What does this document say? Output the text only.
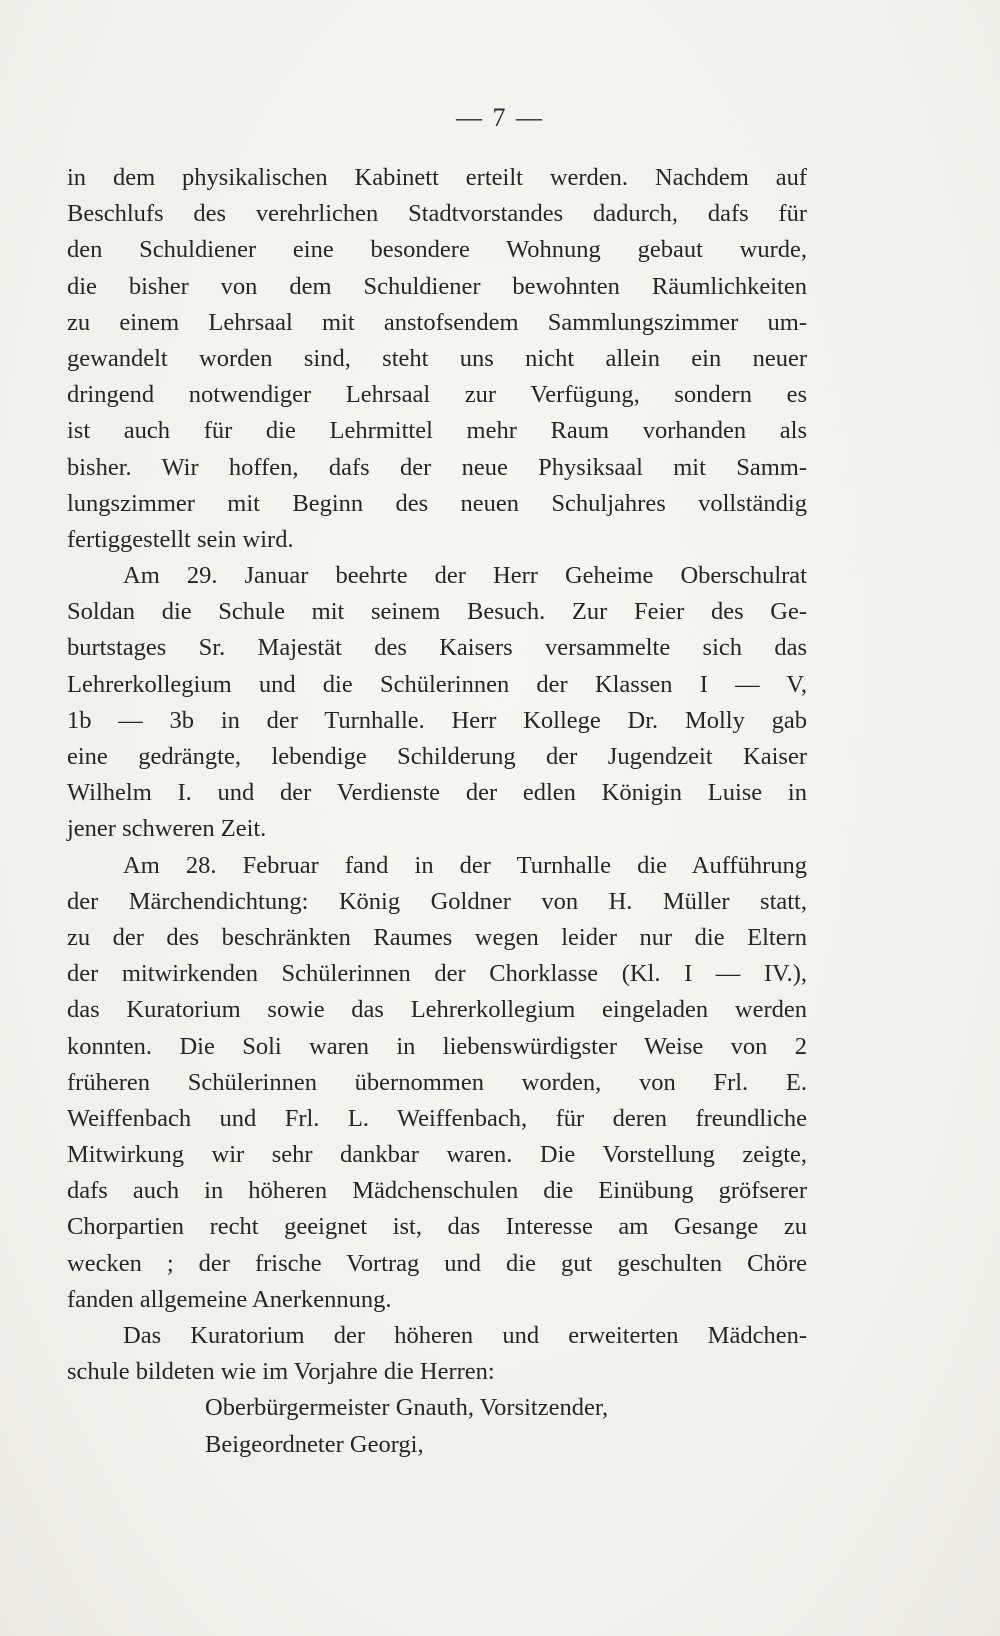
— 7 —
in dem physikalischen Kabinett erteilt werden. Nachdem auf
Beschlufs des verehrlichen Stadtvorstandes dadurch, dafs für
den Schuldiener eine besondere Wohnung gebaut wurde,
die bisher von dem Schuldiener bewohnten Räumlichkeiten
zu einem Lehrsaal mit anstofsendem Sammlungszimmer um-
gewandelt worden sind, steht uns nicht allein ein neuer
dringend notwendiger Lehrsaal zur Verfügung, sondern es
ist auch für die Lehrmittel mehr Raum vorhanden als
bisher. Wir hoffen, dafs der neue Physiksaal mit Samm-
lungszimmer mit Beginn des neuen Schuljahres vollständig
fertiggestellt sein wird.
Am 29. Januar beehrte der Herr Geheime Oberschulrat
Soldan die Schule mit seinem Besuch. Zur Feier des Ge-
burtstages Sr. Majestät des Kaisers versammelte sich das
Lehrerkollegium und die Schülerinnen der Klassen I — V,
1b — 3b in der Turnhalle. Herr Kollege Dr. Molly gab
eine gedrängte, lebendige Schilderung der Jugendzeit Kaiser
Wilhelm I. und der Verdienste der edlen Königin Luise in
jener schweren Zeit.
Am 28. Februar fand in der Turnhalle die Aufführung
der Märchendichtung: König Goldner von H. Müller statt,
zu der des beschränkten Raumes wegen leider nur die Eltern
der mitwirkenden Schülerinnen der Chorklasse (Kl. I — IV.),
das Kuratorium sowie das Lehrerkollegium eingeladen werden
konnten. Die Soli waren in liebenswürdigster Weise von 2
früheren Schülerinnen übernommen worden, von Frl. E.
Weiffenbach und Frl. L. Weiffenbach, für deren freundliche
Mitwirkung wir sehr dankbar waren. Die Vorstellung zeigte,
dafs auch in höheren Mädchenschulen die Einübung gröfserer
Chorpartien recht geeignet ist, das Interesse am Gesange zu
wecken ; der frische Vortrag und die gut geschulten Chöre
fanden allgemeine Anerkennung.
Das Kuratorium der höheren und erweiterten Mädchen-
schule bildeten wie im Vorjahre die Herren:
Oberbürgermeister Gnauth, Vorsitzender,
Beigeordneter Georgi,
